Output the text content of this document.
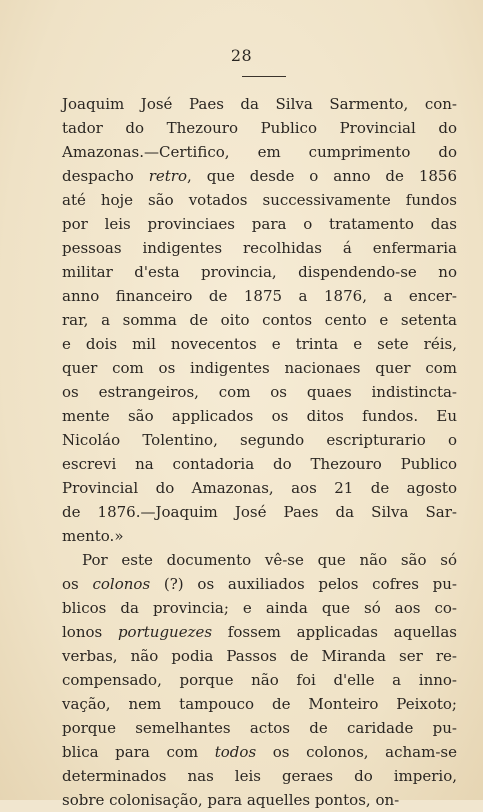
28
Joaquim José Paes da Silva Sarmento, con-
tador do Thezouro Publico Provincial do
Amazonas.—Certifico, em cumprimento do
despacho retro, que desde o anno de 1856
até hoje são votados successivamente fundos
por leis provinciaes para o tratamento das
pessoas indigentes recolhidas á enfermaria
militar d'esta provincia, dispendendo-se no
anno financeiro de 1875 a 1876, a encer-
rar, a somma de oito contos cento e setenta
e dois mil novecentos e trinta e sete réis,
quer com os indigentes nacionaes quer com
os estrangeiros, com os quaes indistincta-
mente são applicados os ditos fundos. Eu
Nicoláo Tolentino, segundo escripturario o
escrevi na contadoria do Thezouro Publico
Provincial do Amazonas, aos 21 de agosto
de 1876.—Joaquim José Paes da Silva Sar-
mento.»
Por este documento vê-se que não são só
os colonos (?) os auxiliados pelos cofres pu-
blicos da provincia; e ainda que só aos co-
lonos portuguezes fossem applicadas aquellas
verbas, não podia Passos de Miranda ser re-
compensado, porque não foi d'elle a inno-
vação, nem tampouco de Monteiro Peixoto;
porque semelhantes actos de caridade pu-
blica para com todos os colonos, acham-se
determinados nas leis geraes do imperio,
sobre colonisação, para aquelles pontos, on-
